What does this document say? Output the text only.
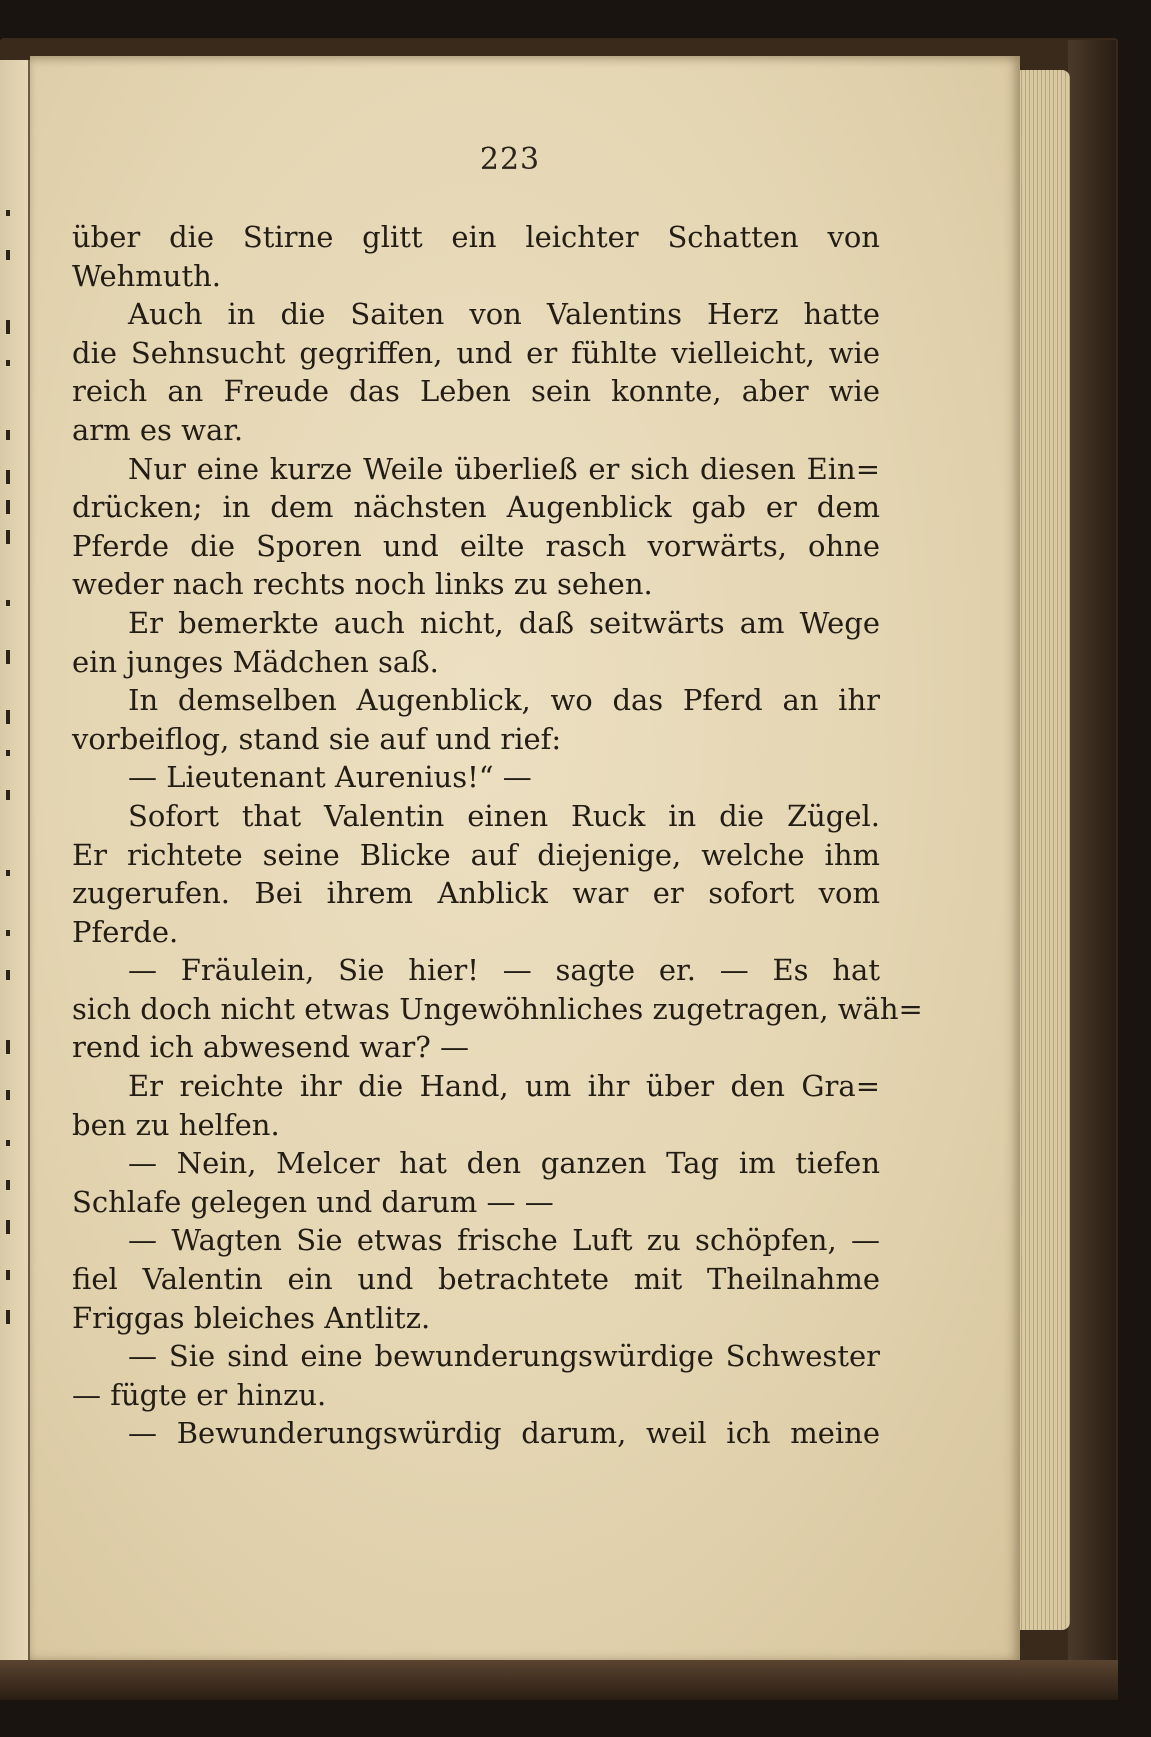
223
über die Stirne glitt ein leichter Schatten von
Wehmuth.
Auch in die Saiten von Valentins Herz hatte
die Sehnsucht gegriffen, und er fühlte vielleicht, wie
reich an Freude das Leben sein konnte, aber wie
arm es war.
Nur eine kurze Weile überließ er sich diesen Ein=
drücken; in dem nächsten Augenblick gab er dem
Pferde die Sporen und eilte rasch vorwärts, ohne
weder nach rechts noch links zu sehen.
Er bemerkte auch nicht, daß seitwärts am Wege
ein junges Mädchen saß.
In demselben Augenblick, wo das Pferd an ihr
vorbeiflog, stand sie auf und rief:
— Lieutenant Aurenius!“ —
Sofort that Valentin einen Ruck in die Zügel.
Er richtete seine Blicke auf diejenige, welche ihm
zugerufen. Bei ihrem Anblick war er sofort vom
Pferde.
— Fräulein, Sie hier! — sagte er. — Es hat
sich doch nicht etwas Ungewöhnliches zugetragen, wäh=
rend ich abwesend war? —
Er reichte ihr die Hand, um ihr über den Gra=
ben zu helfen.
— Nein, Melcer hat den ganzen Tag im tiefen
Schlafe gelegen und darum — —
— Wagten Sie etwas frische Luft zu schöpfen, —
fiel Valentin ein und betrachtete mit Theilnahme
Friggas bleiches Antlitz.
— Sie sind eine bewunderungswürdige Schwester
— fügte er hinzu.
— Bewunderungswürdig darum, weil ich meine
